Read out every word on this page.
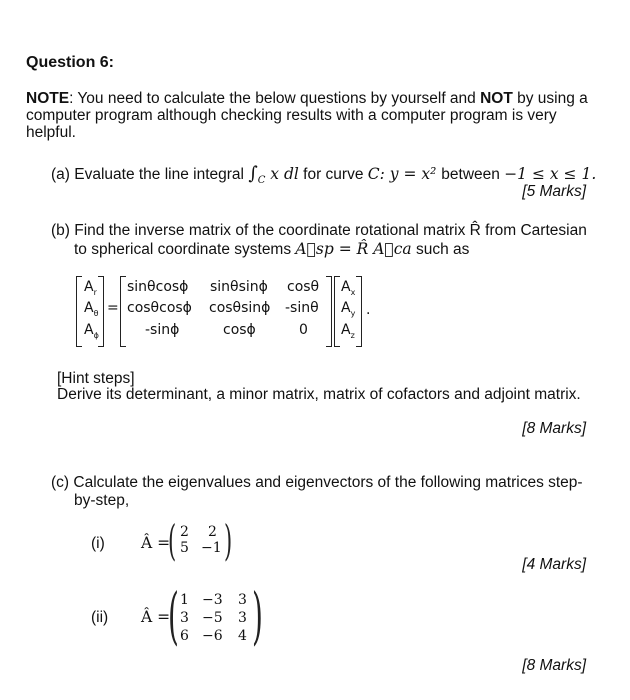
Question 6:
NOTE: You need to calculate the below questions by yourself and NOT by using a
computer program although checking results with a computer program is very
helpful.
(a) Evaluate the line integral $\int_C$ x dl for curve C: y = x² between −1 ≤ x ≤ 1.
[5 Marks]
(b) Find the inverse matrix of the coordinate rotational matrix R̂ from Cartesian
to spherical coordinate systems A⃗sp = R̂ A⃗ca such as
$A_r$
$A_\theta$
$A_\phi$
=
sinθcosϕ sinθsinϕ cosθ
cosθcosϕ cosθsinϕ -sinθ
-sinϕ	cosϕ	0
$A_x$
$A_y$
$A_z$
.
[Hint steps]
Derive its determinant, a minor matrix, matrix of cofactors and adjoint matrix.
[8 Marks]
(c) Calculate the eigenvalues and eigenvectors of the following matrices step-
by-step,
(i) Â =
( )
2 2
5 −1
[4 Marks]
(ii) Â =
( )
1 −3 3
3 −5 3
6 −6 4
[8 Marks]
